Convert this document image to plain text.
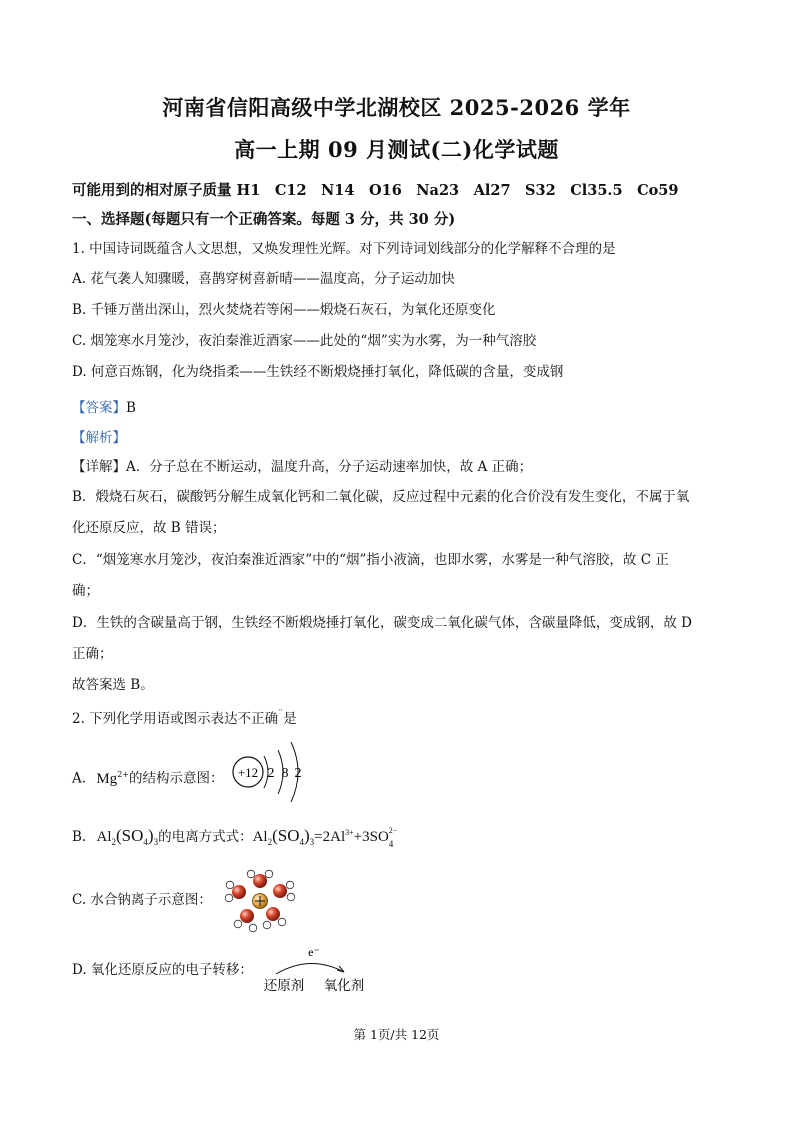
河南省信阳高级中学北湖校区 2025-2026 学年
高一上期 09 月测试(二)化学试题
可能用到的相对原子质量 H1　C12　N14　O16　Na23　Al27　S32　Cl35.5　Co59
一、选择题(每题只有一个正确答案。每题 3 分，共 30 分)
1. 中国诗词既蕴含人文思想，又焕发理性光辉。对下列诗词划线部分的化学解释不合理的是
A. 花气袭人知骤暖，喜鹊穿树喜新晴——温度高，分子运动加快
B. 千锤万凿出深山，烈火焚烧若等闲——煅烧石灰石，为氧化还原变化
C. 烟笼寒水月笼沙，夜泊秦淮近酒家——此处的“烟”实为水雾，为一种气溶胶
D. 何意百炼钢，化为绕指柔——生铁经不断煅烧捶打氧化，降低碳的含量，变成钢
【答案】B
【解析】
【详解】A．分子总在不断运动，温度升高，分子运动速率加快，故 A 正确；
B．煅烧石灰石，碳酸钙分解生成氧化钙和二氧化碳，反应过程中元素的化合价没有发生变化，不属于氧
化还原反应，故 B 错误；
C．“烟笼寒水月笼沙，夜泊秦淮近酒家”中的“烟”指小液滴，也即水雾，水雾是一种气溶胶，故 C 正
确；
D．生铁的含碳量高于钢，生铁经不断煅烧捶打氧化，碳变成二氧化碳气体，含碳量降低，变成钢，故 D
正确；
故答案选 B。
2. 下列化学用语或图示表达不正确¨是
A. $Mg^{2+}$的结构示意图： +12 2 8 2
B. $Al_2(SO_4)_3$的电离方式式：$Al_2(SO_4)_3=2Al^{3+}+3SO$ 2−
4
C. 水合钠离子示意图：
D. 氧化还原反应的电子转移：
e⁻
还原剂 氧化剂
第 1页/共 12页
